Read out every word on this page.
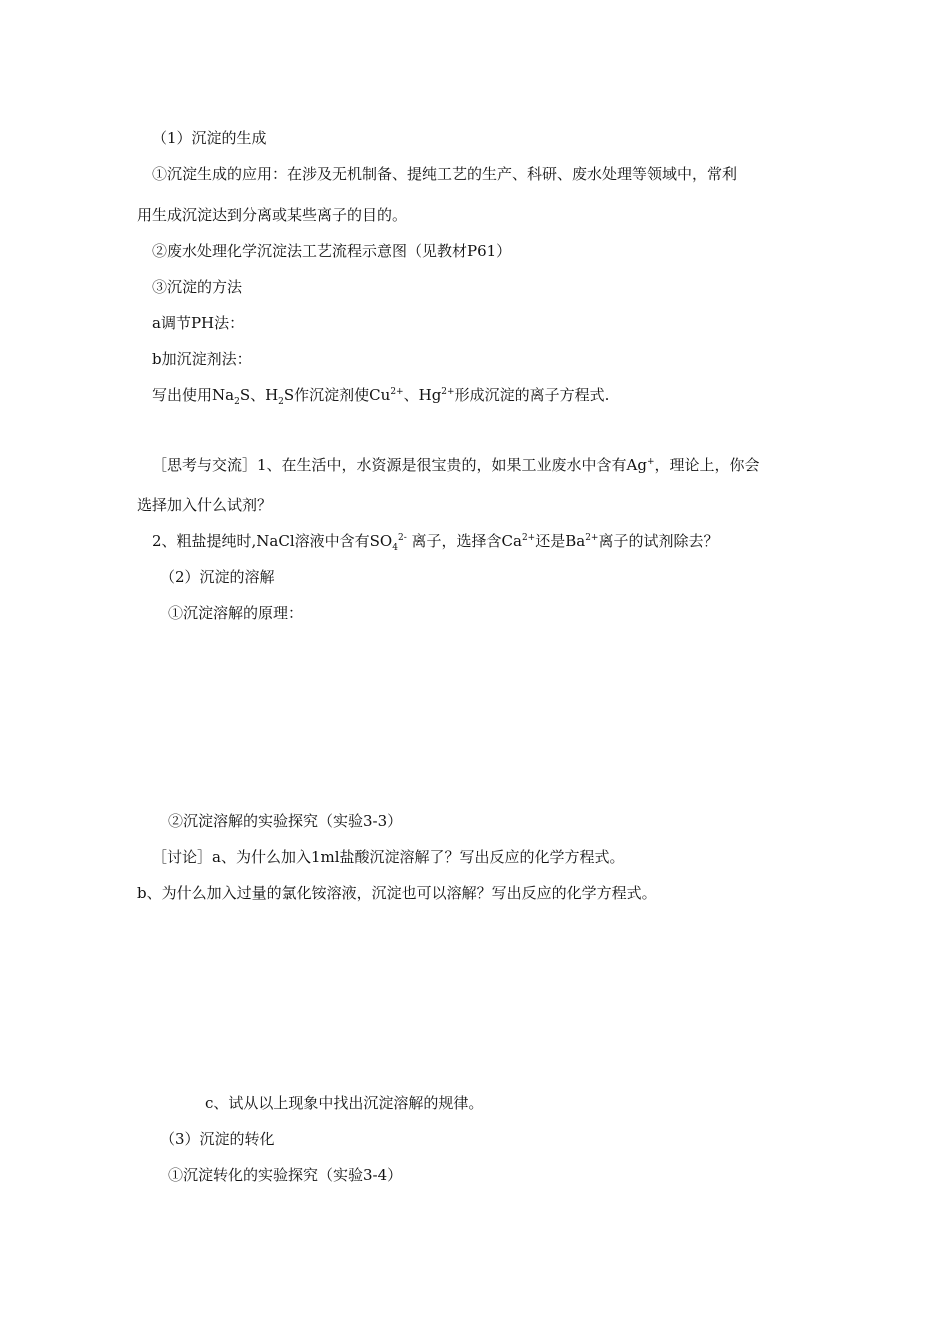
（1）沉淀的生成
①沉淀生成的应用：在涉及无机制备、提纯工艺的生产、科研、废水处理等领域中，常利
用生成沉淀达到分离或某些离子的目的。
②废水处理化学沉淀法工艺流程示意图（见教材P61）
③沉淀的方法
a调节PH法：
b加沉淀剂法：
写出使用$Na_2S$、$H_2S$作沉淀剂使$Cu^{2+}$、$Hg^{2+}$形成沉淀的离子方程式.
［思考与交流］1、在生活中，水资源是很宝贵的，如果工业废水中含有Ag+，理论上，你会
选择加入什么试剂？
2、粗盐提纯时,NaCl溶液中含有$SO_4^{2-}$ 离子，选择含$Ca^{2+}$还是$Ba^{2+}$离子的试剂除去？
（2）沉淀的溶解
①沉淀溶解的原理：
②沉淀溶解的实验探究（实验3-3）
［讨论］a、为什么加入1ml盐酸沉淀溶解了？写出反应的化学方程式。
b、为什么加入过量的氯化铵溶液，沉淀也可以溶解？写出反应的化学方程式。
c、试从以上现象中找出沉淀溶解的规律。
（3）沉淀的转化
①沉淀转化的实验探究（实验3-4）
